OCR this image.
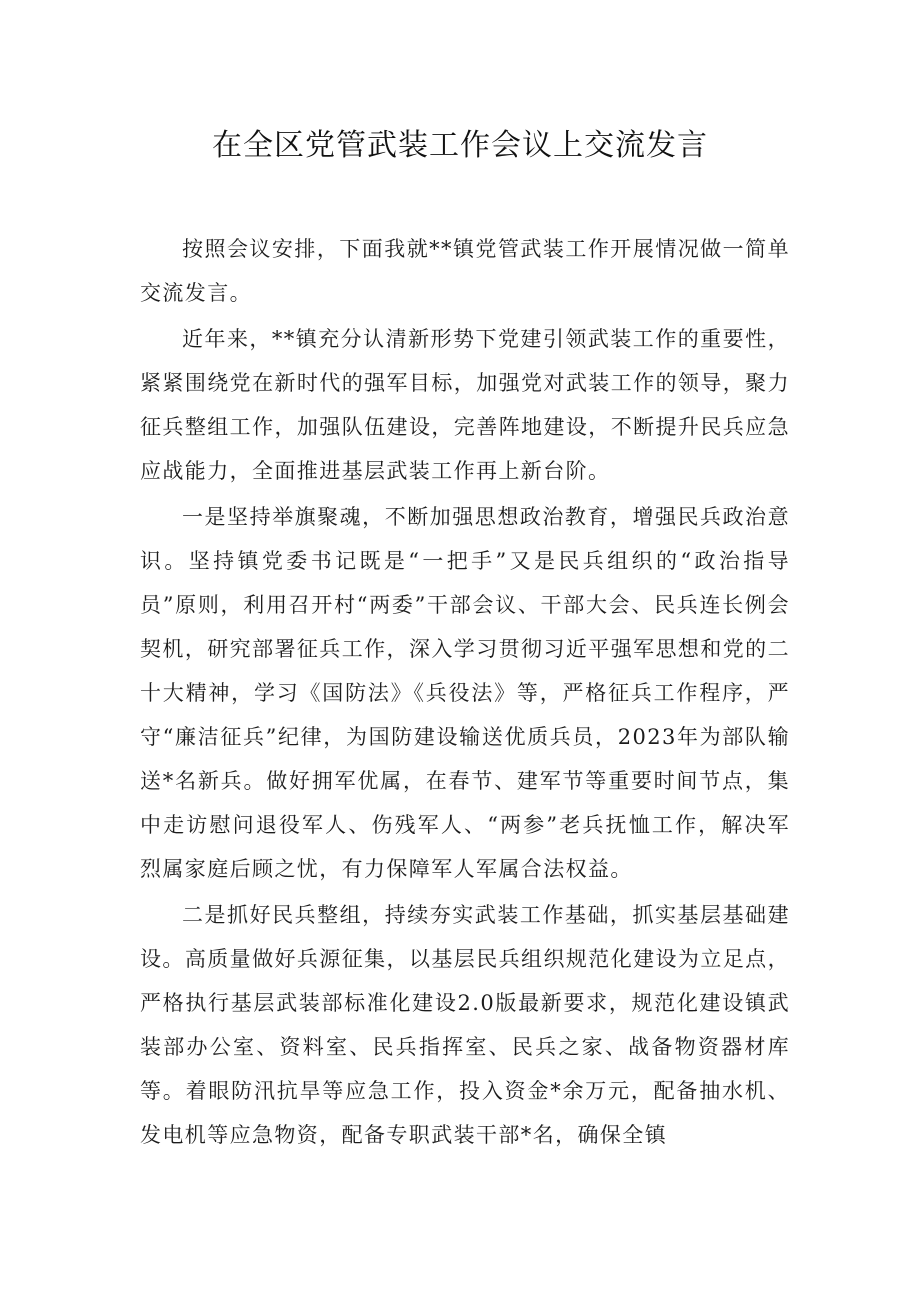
在全区党管武装工作会议上交流发言

按照会议安排，下面我就**镇党管武装工作开展情况做一简单交流发言。

近年来，**镇充分认清新形势下党建引领武装工作的重要性，紧紧围绕党在新时代的强军目标，加强党对武装工作的领导，聚力征兵整组工作，加强队伍建设，完善阵地建设，不断提升民兵应急应战能力，全面推进基层武装工作再上新台阶。

一是坚持举旗聚魂，不断加强思想政治教育，增强民兵政治意识。坚持镇党委书记既是“一把手”又是民兵组织的“政治指导员”原则，利用召开村“两委”干部会议、干部大会、民兵连长例会契机，研究部署征兵工作，深入学习贯彻习近平强军思想和党的二十大精神，学习《国防法》《兵役法》等，严格征兵工作程序，严守“廉洁征兵”纪律，为国防建设输送优质兵员，2023年为部队输送*名新兵。做好拥军优属，在春节、建军节等重要时间节点，集中走访慰问退役军人、伤残军人、“两参”老兵抚恤工作，解决军烈属家庭后顾之忧，有力保障军人军属合法权益。

二是抓好民兵整组，持续夯实武装工作基础，抓实基层基础建设。高质量做好兵源征集，以基层民兵组织规范化建设为立足点，严格执行基层武装部标准化建设2.0版最新要求，规范化建设镇武装部办公室、资料室、民兵指挥室、民兵之家、战备物资器材库等。着眼防汛抗旱等应急工作，投入资金*余万元，配备抽水机、发电机等应急物资，配备专职武装干部*名，确保全镇
